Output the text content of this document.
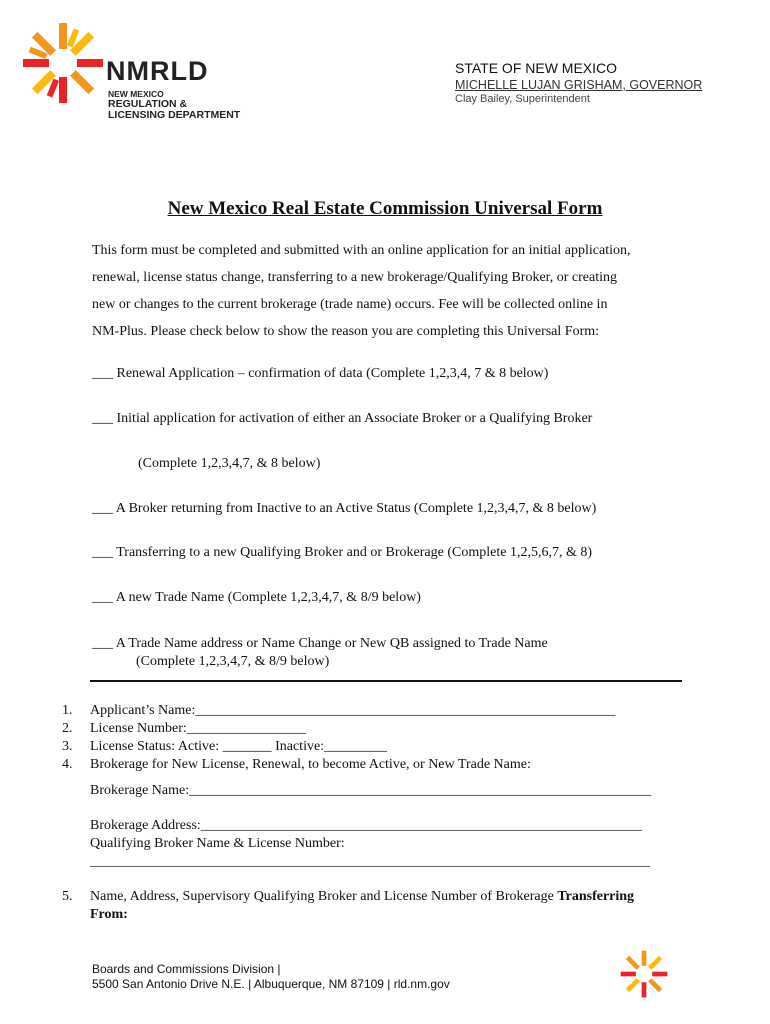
NMRLD
NEW MEXICO
REGULATION &
LICENSING DEPARTMENT
STATE OF NEW MEXICO
MICHELLE LUJAN GRISHAM, GOVERNOR
Clay Bailey, Superintendent
New Mexico Real Estate Commission Universal Form
This form must be completed and submitted with an online application for an initial application,
renewal, license status change, transferring to a new brokerage/Qualifying Broker, or creating
new or changes to the current brokerage (trade name) occurs. Fee will be collected online in
NM-Plus. Please check below to show the reason you are completing this Universal Form:
___ Renewal Application – confirmation of data (Complete 1,2,3,4, 7 & 8 below)
___ Initial application for activation of either an Associate Broker or a Qualifying Broker
(Complete 1,2,3,4,7, & 8 below)
___ A Broker returning from Inactive to an Active Status (Complete 1,2,3,4,7, & 8 below)
___ Transferring to a new Qualifying Broker and or Brokerage (Complete 1,2,5,6,7, & 8)
___ A new Trade Name (Complete 1,2,3,4,7, & 8/9 below)
___ A Trade Name address or Name Change or New QB assigned to Trade Name
(Complete 1,2,3,4,7, & 8/9 below)
1. Applicant’s Name:____________________________________________________________
2. License Number:_________________
3. License Status: Active: _______ Inactive:_________
4. Brokerage for New License, Renewal, to become Active, or New Trade Name:
Brokerage Name:__________________________________________________________________
Brokerage Address:_______________________________________________________________
Qualifying Broker Name & License Number:
________________________________________________________________________________
5. Name, Address, Supervisory Qualifying Broker and License Number of Brokerage Transferring
From:
Boards and Commissions Division |
5500 San Antonio Drive N.E. | Albuquerque, NM 87109 | rld.nm.gov
